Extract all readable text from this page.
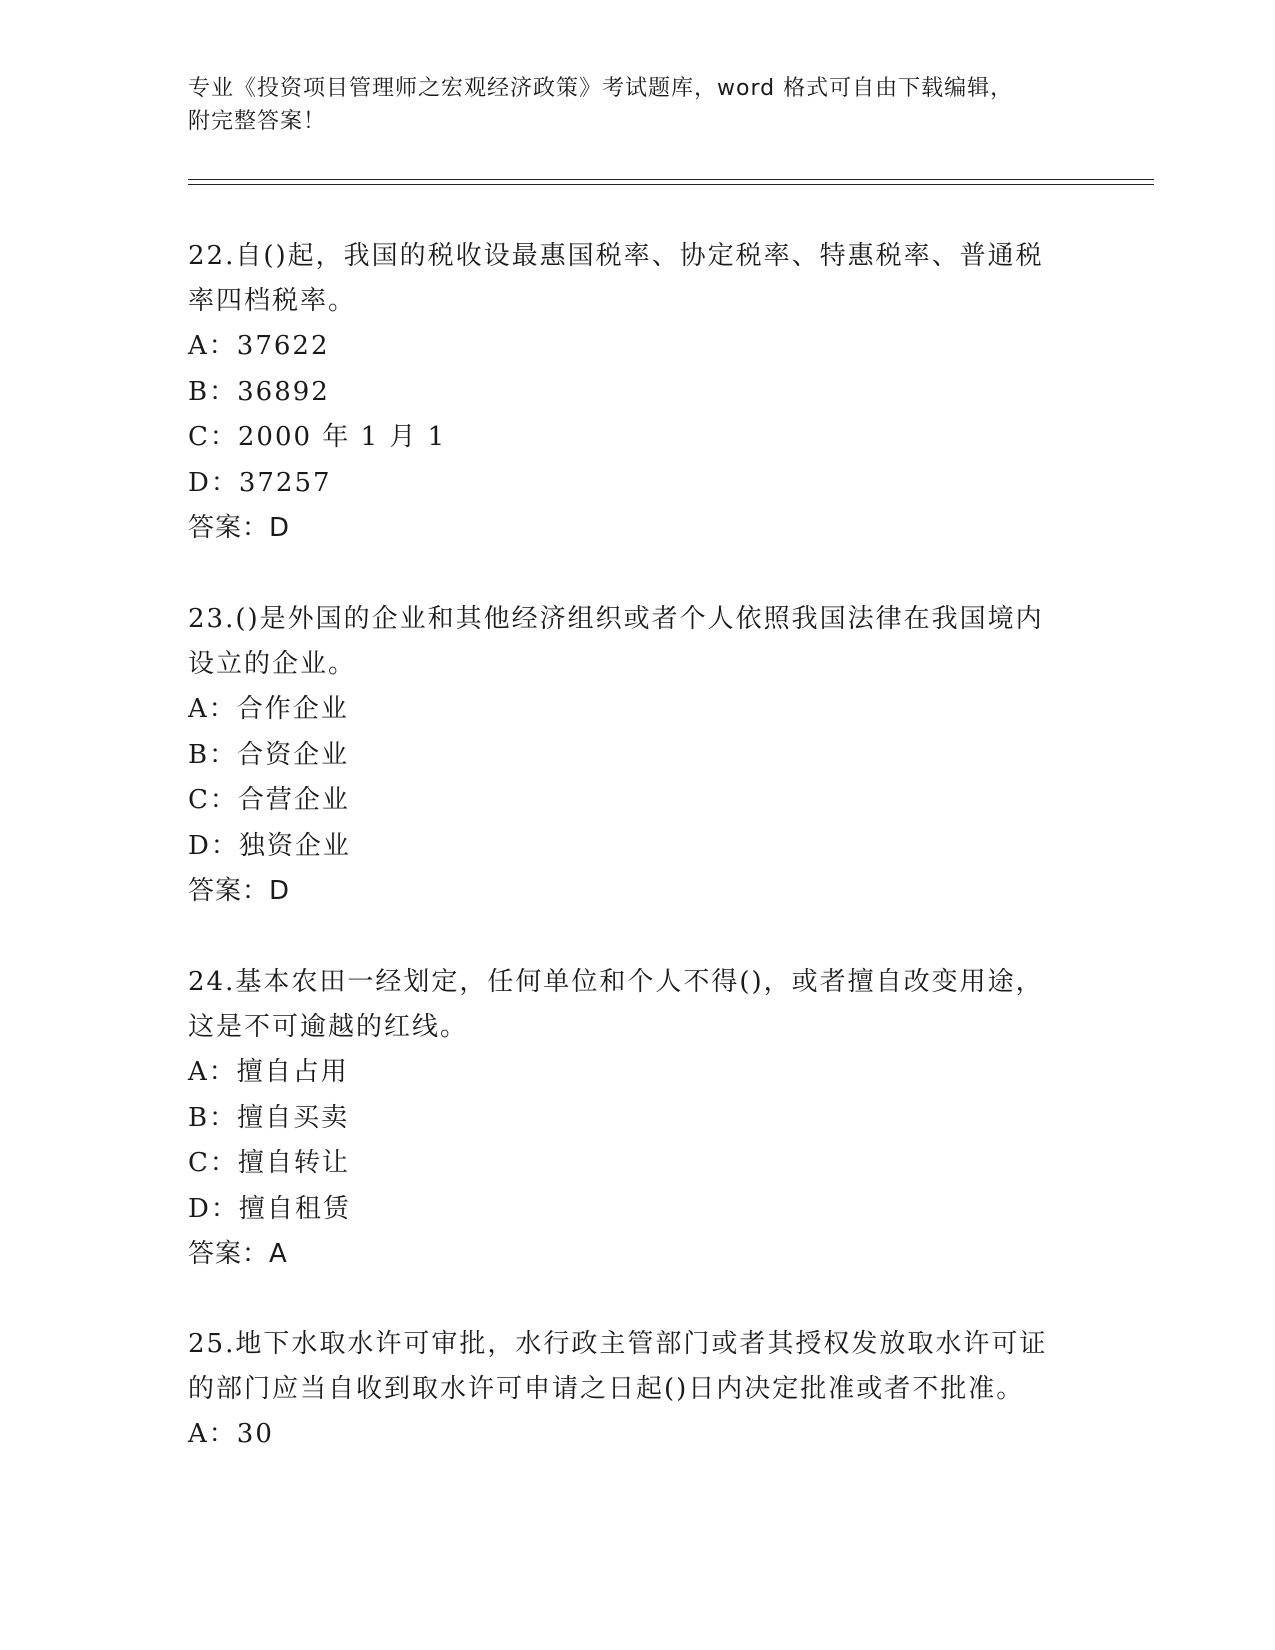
专业《投资项目管理师之宏观经济政策》考试题库，word 格式可自由下载编辑，
附完整答案！

22.自()起，我国的税收设最惠国税率、协定税率、特惠税率、普通税

率四档税率。

A：37622

B：36892

C：2000 年 1 月 1

D：37257

答案：D

23.()是外国的企业和其他经济组织或者个人依照我国法律在我国境内

设立的企业。

A：合作企业

B：合资企业

C：合营企业

D：独资企业

答案：D

24.基本农田一经划定，任何单位和个人不得()，或者擅自改变用途，

这是不可逾越的红线。

A：擅自占用

B：擅自买卖

C：擅自转让

D：擅自租赁

答案：A

25.地下水取水许可审批，水行政主管部门或者其授权发放取水许可证

的部门应当自收到取水许可申请之日起()日内决定批准或者不批准。

A：30
